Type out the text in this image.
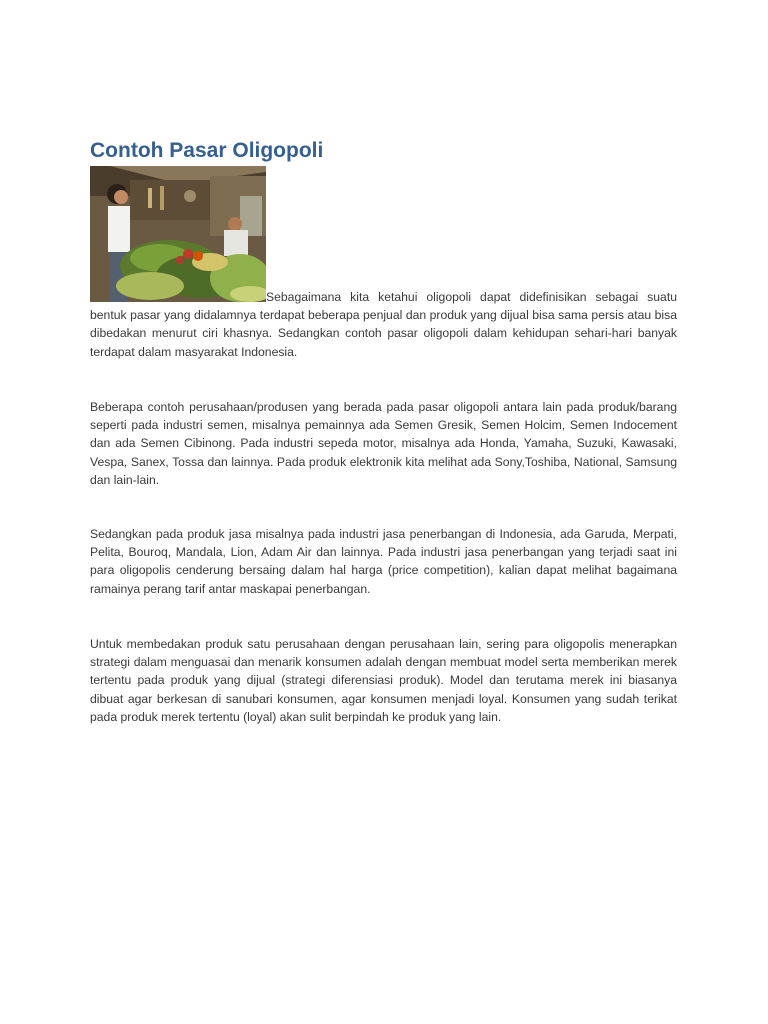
Contoh Pasar Oligopoli

Sebagaimana kita ketahui oligopoli dapat didefinisikan sebagai suatu bentuk pasar yang didalamnya terdapat beberapa penjual dan produk yang dijual bisa sama persis atau bisa dibedakan menurut ciri khasnya. Sedangkan contoh pasar oligopoli dalam kehidupan sehari-hari banyak terdapat dalam masyarakat Indonesia.

Beberapa contoh perusahaan/produsen yang berada pada pasar oligopoli antara lain pada produk/barang seperti pada industri semen, misalnya pemainnya ada Semen Gresik, Semen Holcim, Semen Indocement dan ada Semen Cibinong. Pada industri sepeda motor, misalnya ada Honda, Yamaha, Suzuki, Kawasaki, Vespa, Sanex, Tossa dan lainnya. Pada produk elektronik kita melihat ada Sony,Toshiba, National, Samsung dan lain-lain.

Sedangkan pada produk jasa misalnya pada industri jasa penerbangan di Indonesia, ada Garuda, Merpati, Pelita, Bouroq, Mandala, Lion, Adam Air dan lainnya. Pada industri jasa penerbangan yang terjadi saat ini para oligopolis cenderung bersaing dalam hal harga (price competition), kalian dapat melihat bagaimana ramainya perang tarif antar maskapai penerbangan.

Untuk membedakan produk satu perusahaan dengan perusahaan lain, sering para oligopolis menerapkan strategi dalam menguasai dan menarik konsumen adalah dengan membuat model serta memberikan merek tertentu pada produk yang dijual (strategi diferensiasi produk). Model dan terutama merek ini biasanya dibuat agar berkesan di sanubari konsumen, agar konsumen menjadi loyal. Konsumen yang sudah terikat pada produk merek tertentu (loyal) akan sulit berpindah ke produk yang lain.
